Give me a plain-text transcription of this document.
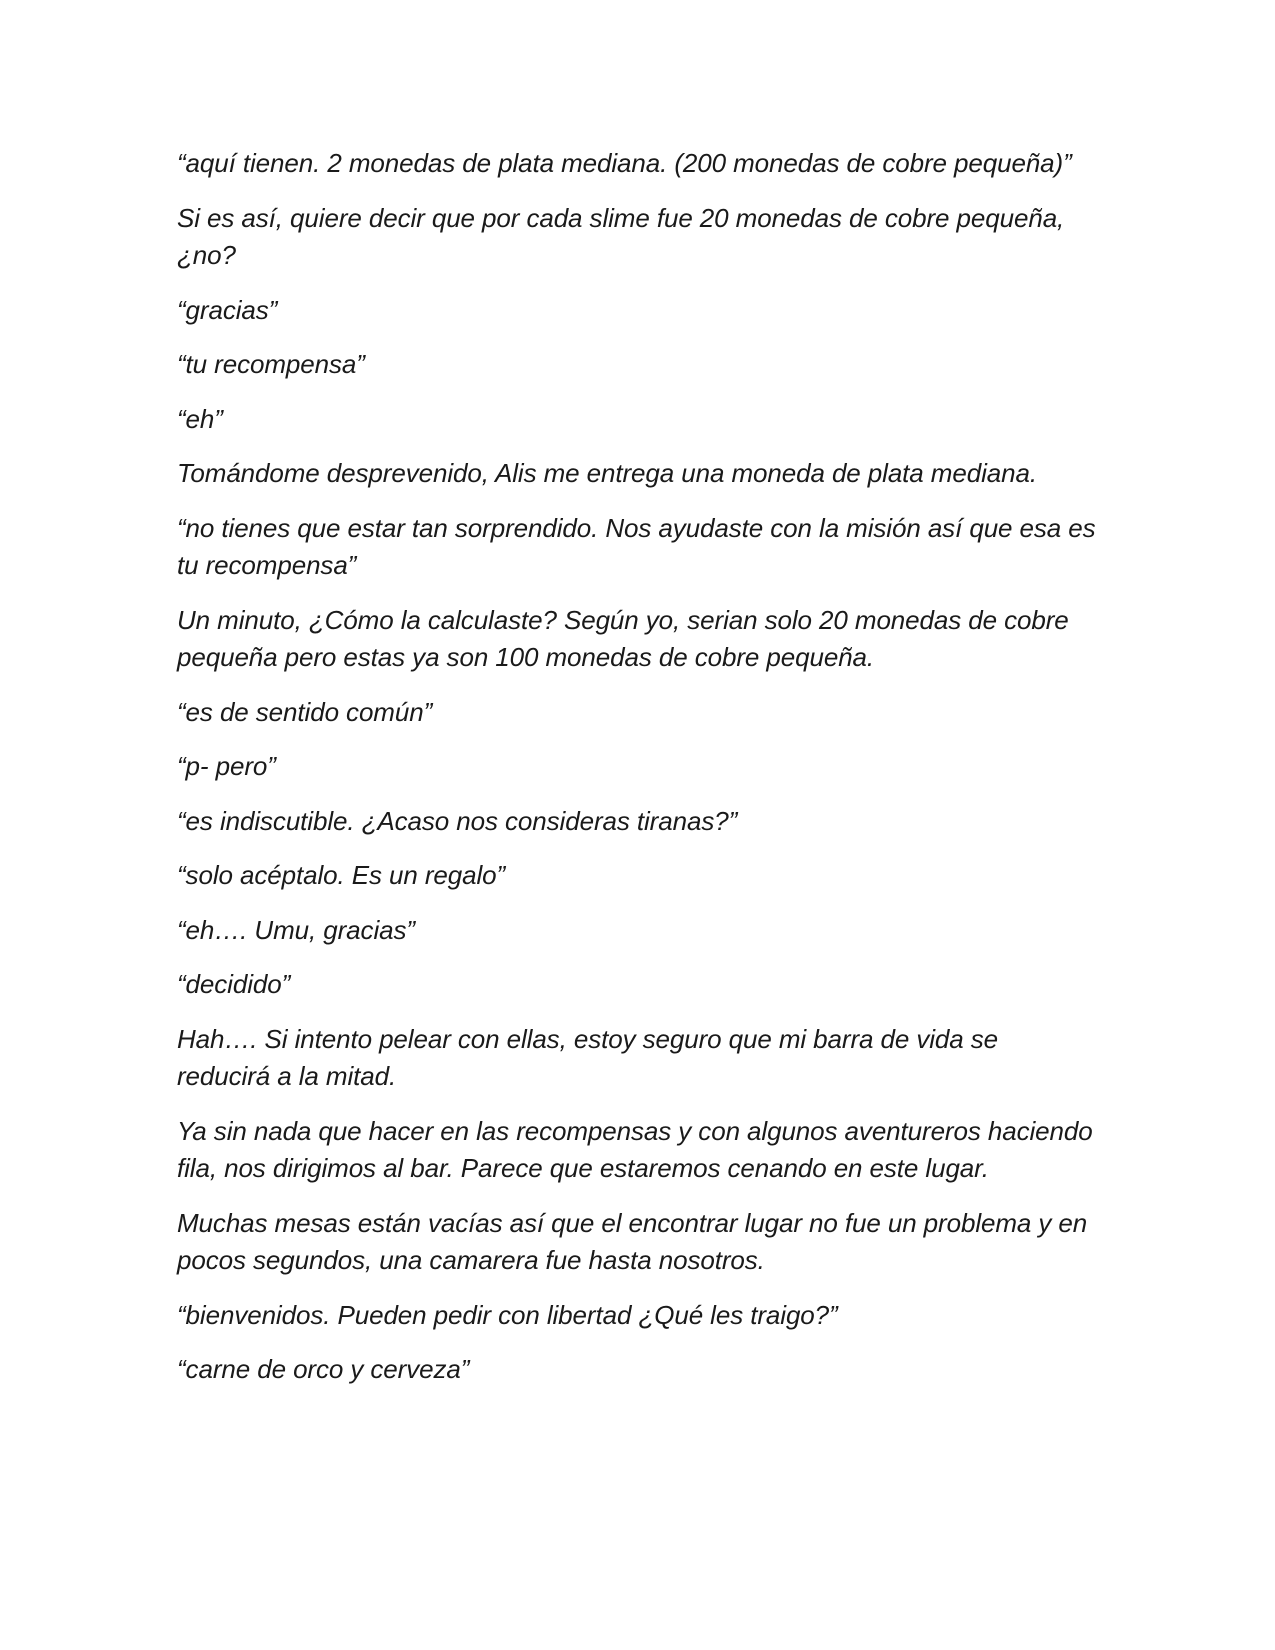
“aquí tienen. 2 monedas de plata mediana. (200 monedas de cobre pequeña)”

Si es así, quiere decir que por cada slime fue 20 monedas de cobre pequeña, ¿no?

“gracias”

“tu recompensa”

“eh”

Tomándome desprevenido, Alis me entrega una moneda de plata mediana.

“no tienes que estar tan sorprendido. Nos ayudaste con la misión así que esa es tu recompensa”

Un minuto, ¿Cómo la calculaste? Según yo, serian solo 20 monedas de cobre pequeña pero estas ya son 100 monedas de cobre pequeña.

“es de sentido común”

“p- pero”

“es indiscutible. ¿Acaso nos consideras tiranas?”

“solo acéptalo. Es un regalo”

“eh…. Umu, gracias”

“decidido”

Hah…. Si intento pelear con ellas, estoy seguro que mi barra de vida se reducirá a la mitad.

Ya sin nada que hacer en las recompensas y con algunos aventureros haciendo fila, nos dirigimos al bar. Parece que estaremos cenando en este lugar.

Muchas mesas están vacías así que el encontrar lugar no fue un problema y en pocos segundos, una camarera fue hasta nosotros.

“bienvenidos. Pueden pedir con libertad ¿Qué les traigo?”

“carne de orco y cerveza”
